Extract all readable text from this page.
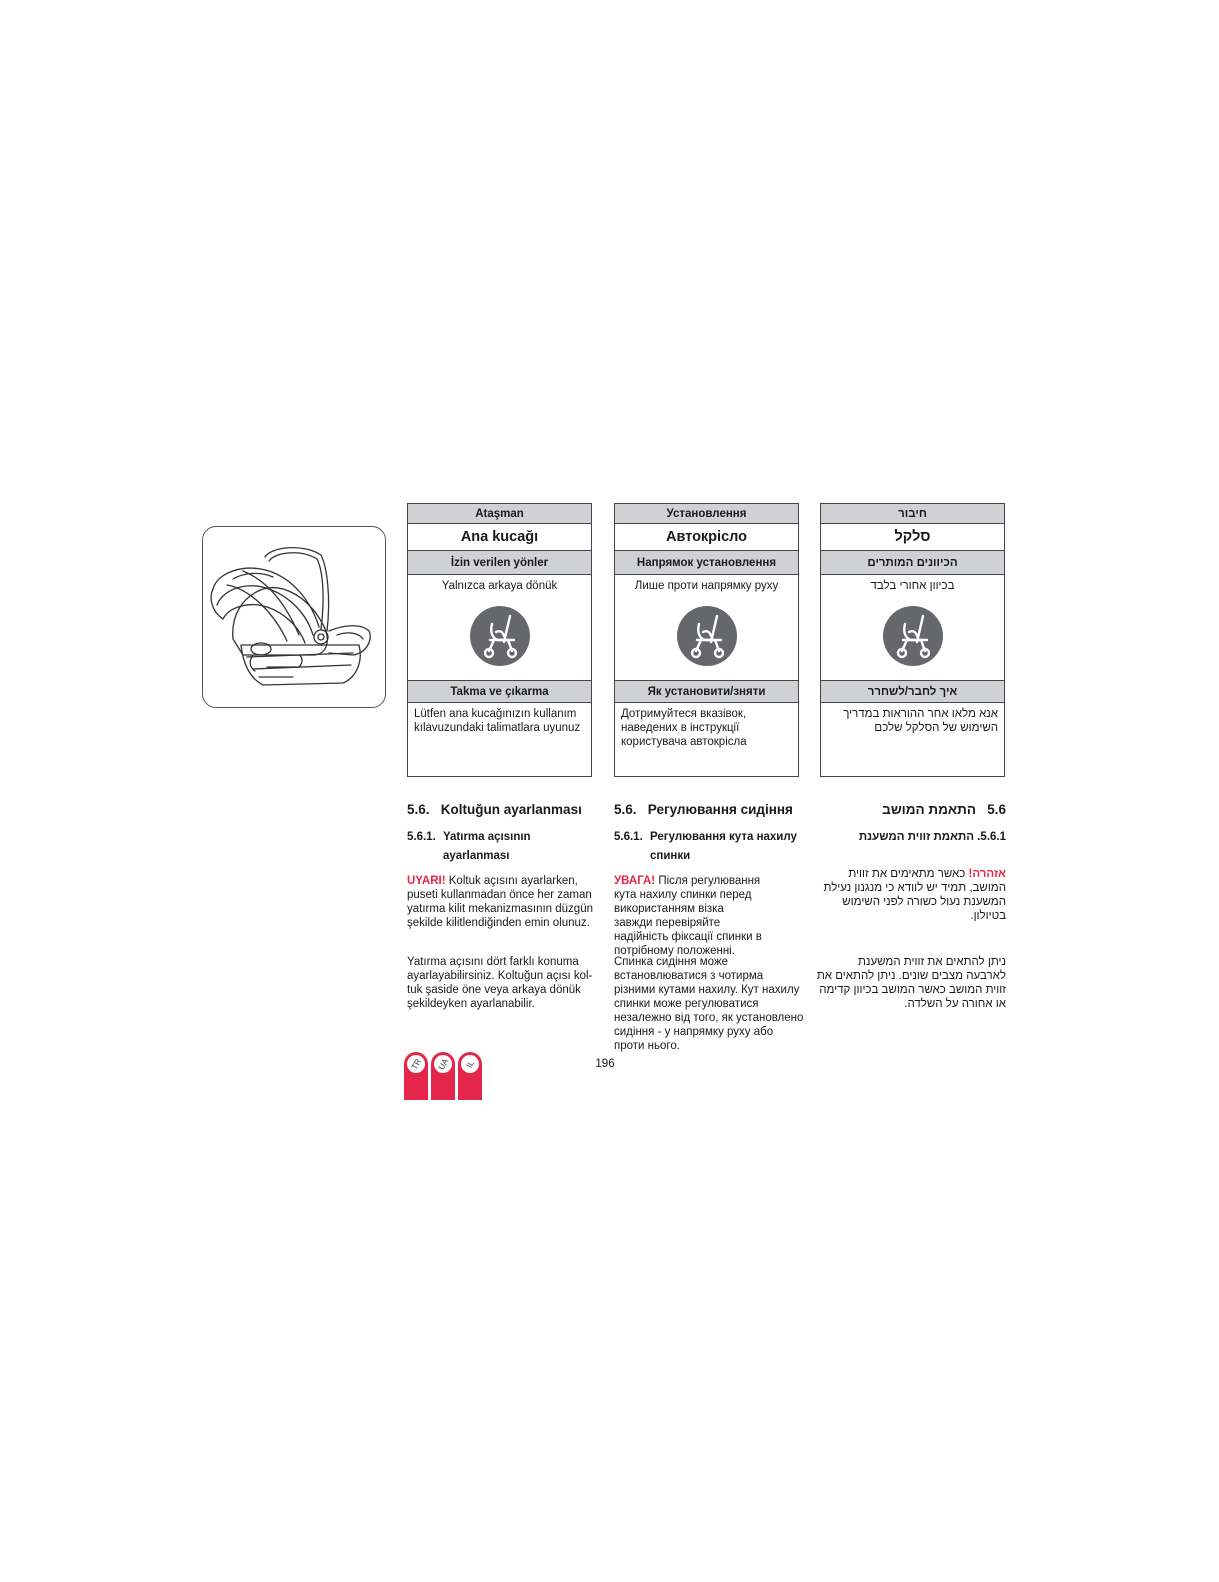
Ataşman
Ana kucağı
İzin verilen yönler
Yalnızca arkaya dönük
Takma ve çıkarma
Lütfen ana kucağınızın kullanım kılavuzundaki talimatlara uyunuz
Установлення
Автокрісло
Напрямок установлення
Лише проти напрямку руху
Як установити/зняти
Дотримуйтеся вказівок, наведених в інструкції користувача автокрісла
חיבור
סלקל
הכיוונים המותרים
בכיוון אחורי בלבד
איך לחבר/לשחרר
אנא מלאו אחר ההוראות במדריך השימוש של הסלקל שלכם
5.6. Koltuğun ayarlanması
5.6.1. Yatırma açısının
ayarlanması
UYARI! Koltuk açısını ayarlarken, puseti kullanmadan önce her zaman yatırma kilit mekanizmasının düzgün şekilde kilitlendiğinden emin olunuz.
Yatırma açısını dört farklı konuma ayarlayabilirsiniz. Koltuğun açısı kol-tuk şaside öne veya arkaya dönük şekildeyken ayarlanabilir.
5.6. Регулювання сидіння
5.6.1. Регулювання кута нахилу
спинки
УВАГА! Після регулювання кута нахилу спинки перед використанням візка завжди перевіряйте надійність фіксації спинки в потрібному положенні.
Спинка сидіння може встановлюватися з чотирма різними кутами нахилу. Кут нахилу спинки може регулюватися незалежно від того, як установлено сидіння - у напрямку руху або проти нього.
5.6   התאמת המושב
5.6.1. התאמת זווית המשענת
אזהרה! כאשר מתאימים את זווית המושב, תמיד יש לוודא כי מנגנון נעילת המשענת נעול כשורה לפני השימוש בטיולון.
ניתן להתאים את זווית המשענת לארבעה מצבים שונים. ניתן להתאים את זווית המושב כאשר המושב בכיוון קדימה או אחורה על השלדה.
196
TR UA IL
